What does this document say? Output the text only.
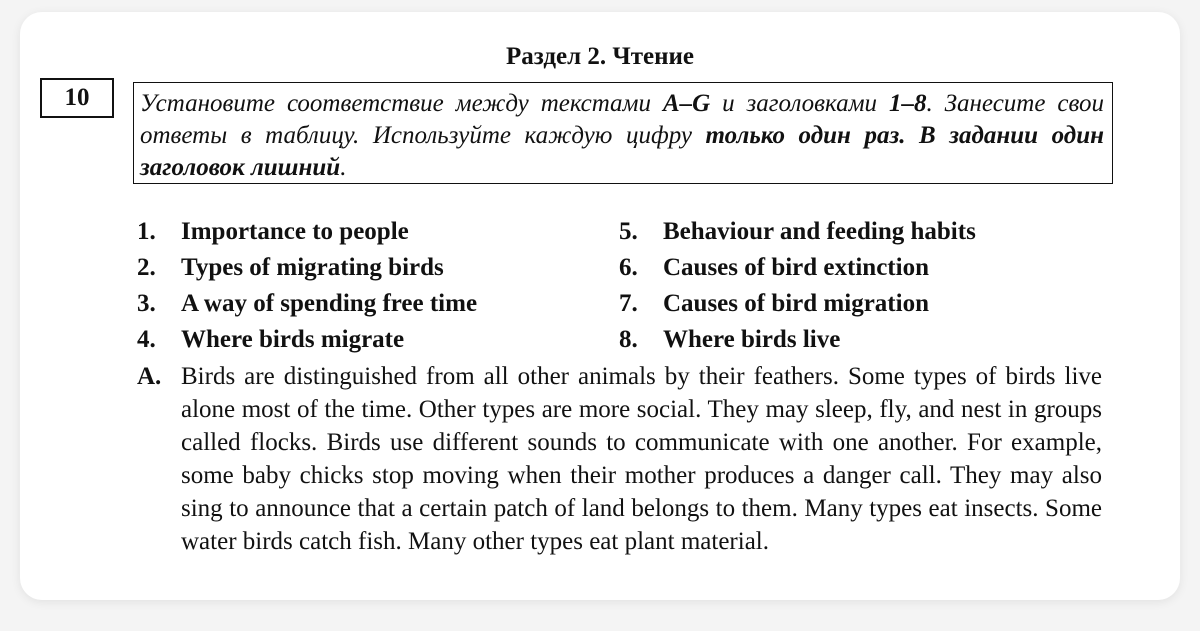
Раздел 2. Чтение
10	Установите соответствие между текстами A–G и заголовками 1–8. Занесите свои ответы в таблицу. Используйте каждую цифру только один раз. В задании один заголовок лишний.
1. Importance to people
2. Types of migrating birds
3. A way of spending free time
4. Where birds migrate
5. Behaviour and feeding habits
6. Causes of bird extinction
7. Causes of bird migration
8. Where birds live
A. Birds are distinguished from all other animals by their feathers. Some types of birds live alone most of the time. Other types are more social. They may sleep, fly, and nest in groups called flocks. Birds use different sounds to communicate with one another. For example, some baby chicks stop moving when their mother produces a danger call. They may also sing to announce that a certain patch of land belongs to them. Many types eat insects. Some water birds catch fish. Many other types eat plant material.
